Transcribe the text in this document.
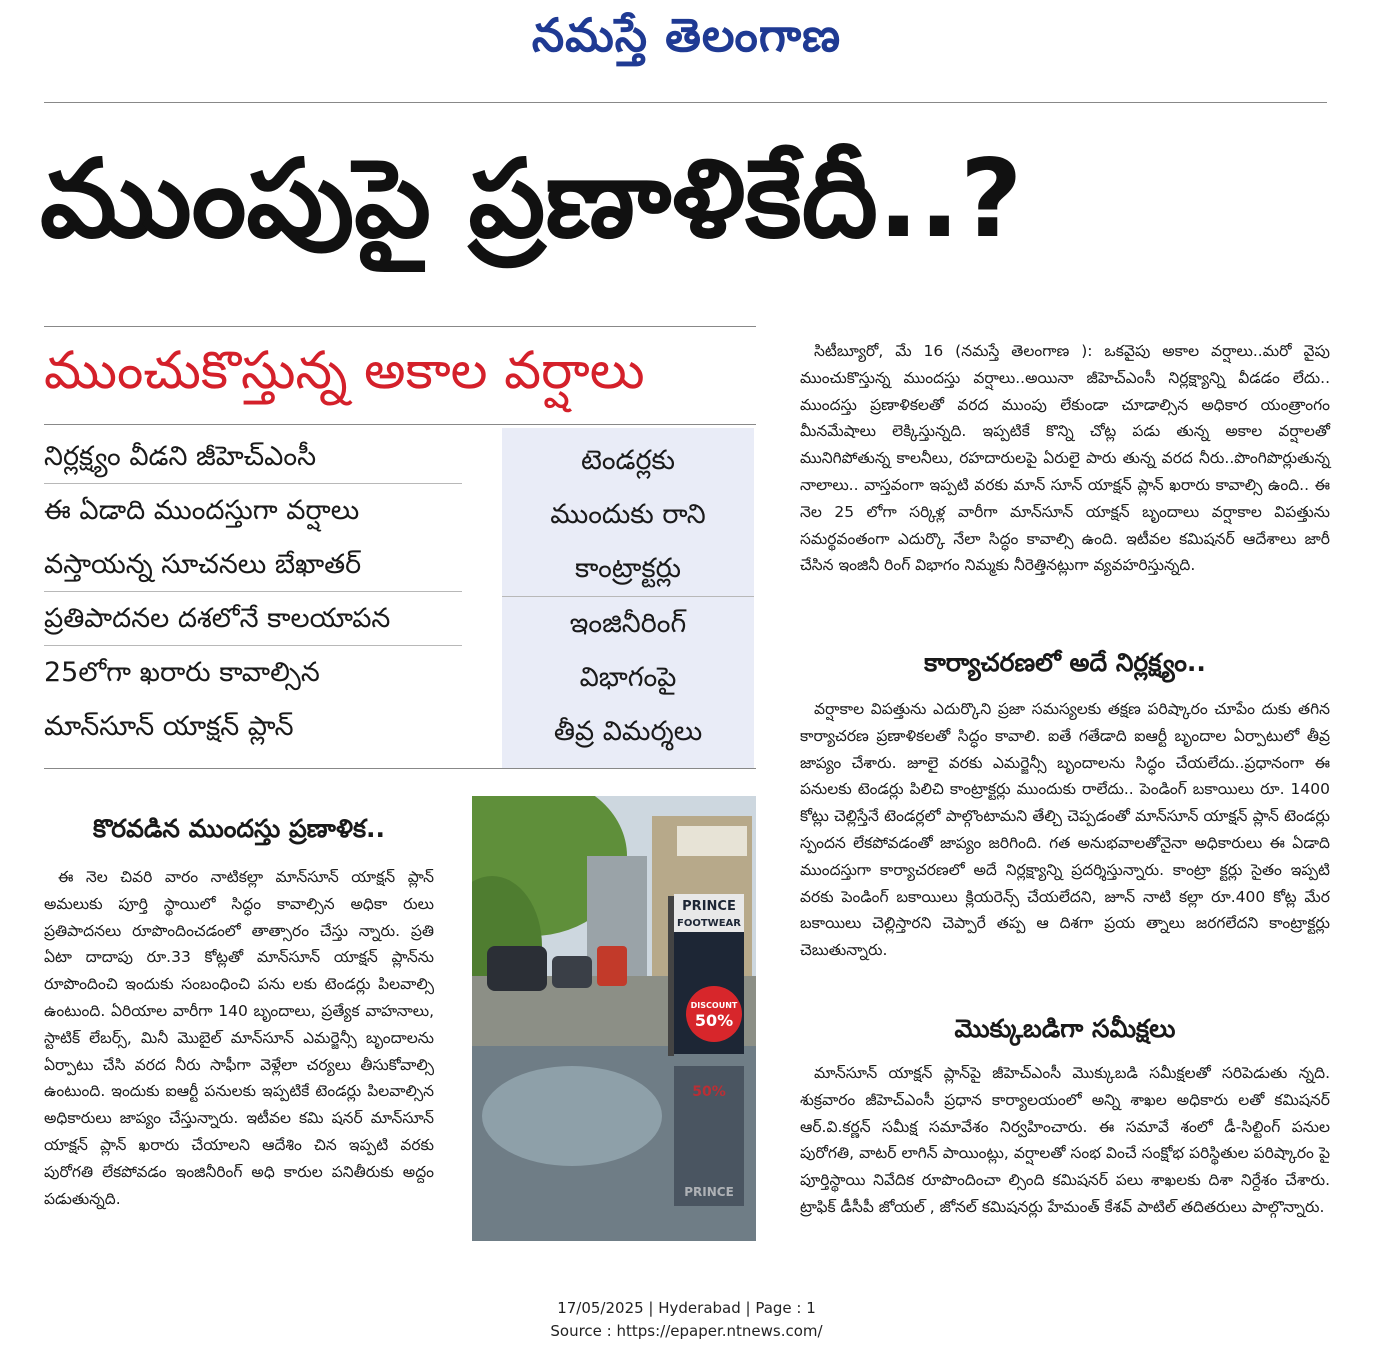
నమస్తే తెలంగాణ
ముంపుపై ప్రణాళికేదీ..?
ముంచుకొస్తున్న అకాల వర్షాలు
నిర్లక్ష్యం వీడని జీహెచ్ఎంసీ
ఈ ఏడాది ముందస్తుగా వర్షాలు
వస్తాయన్న సూచనలు బేఖాతర్
ప్రతిపాదనల దశలోనే కాలయాపన
25లోగా ఖరారు కావాల్సిన
మాన్‌సూన్ యాక్షన్ ప్లాన్
టెండర్లకు
ముందుకు రాని
కాంట్రాక్టర్లు
ఇంజినీరింగ్
విభాగంపై
తీవ్ర విమర్శలు
సిటీబ్యూరో, మే 16 (నమస్తే తెలంగాణ ): ఒకవైపు అకాల వర్షాలు..మరో వైపు ముంచుకొస్తున్న ముందస్తు వర్షాలు..అయినా జీహెచ్ఎంసీ నిర్లక్ష్యాన్ని వీడడం లేదు.. ముందస్తు ప్రణాళికలతో వరద ముంపు లేకుండా చూడాల్సిన అధికార యంత్రాంగం మీనమేషాలు లెక్కిస్తున్నది. ఇప్పటికే కొన్ని చోట్ల పడు తున్న అకాల వర్షాలతో మునిగిపోతున్న కాలనీలు, రహదారులపై ఏరులై పారు తున్న వరద నీరు..పొంగిపొర్లుతున్న నాలాలు.. వాస్తవంగా ఇప్పటి వరకు మాన్ సూన్ యాక్షన్ ప్లాన్ ఖరారు కావాల్సి ఉంది.. ఈ నెల 25 లోగా సర్కిళ్ల వారీగా మాన్‌సూన్ యాక్షన్ బృందాలు వర్షాకాల విపత్తును సమర్థవంతంగా ఎదుర్కొ నేలా సిద్ధం కావాల్సి ఉంది. ఇటీవల కమిషనర్ ఆదేశాలు జారీ చేసిన ఇంజినీ రింగ్ విభాగం నిమ్మకు నీరెత్తినట్లుగా వ్యవహరిస్తున్నది.
కార్యాచరణలో అదే నిర్లక్ష్యం..
వర్షాకాల విపత్తును ఎదుర్కొని ప్రజా సమస్యలకు తక్షణ పరిష్కారం చూపేం దుకు తగిన కార్యాచరణ ప్రణాళికలతో సిద్ధం కావాలి. ఐతే గతేడాది ఐఆర్టీ బృందాల ఏర్పాటులో తీవ్ర జాప్యం చేశారు. జూలై వరకు ఎమర్జెన్సీ బృందాలను సిద్ధం చేయలేదు..ప్రధానంగా ఈ పనులకు టెండర్లు పిలిచి కాంట్రాక్టర్లు ముందుకు రాలేదు.. పెండింగ్ బకాయిలు రూ. 1400 కోట్లు చెల్లిస్తేనే టెండర్లలో పాల్గొంటామని తేల్చి చెప్పడంతో మాన్‌సూన్ యాక్షన్ ప్లాన్ టెండర్లు స్పందన లేకపోవడంతో జాప్యం జరిగింది. గత అనుభవాలతోనైనా అధికారులు ఈ ఏడాది ముందస్తుగా కార్యాచరణలో అదే నిర్లక్ష్యాన్ని ప్రదర్శిస్తున్నారు. కాంట్రా క్టర్లు సైతం ఇప్పటి వరకు పెండింగ్ బకాయిలు క్లియరెన్స్ చేయలేదని, జూన్ నాటి కల్లా రూ.400 కోట్ల మేర బకాయిలు చెల్లిస్తారని చెప్పారే తప్ప ఆ దిశగా ప్రయ త్నాలు జరగలేదని కాంట్రాక్టర్లు చెబుతున్నారు.
మొక్కుబడిగా సమీక్షలు
మాన్‌సూన్ యాక్షన్ ప్లాన్‌పై జీహెచ్ఎంసీ మొక్కుబడి సమీక్షలతో సరిపెడుతు న్నది. శుక్రవారం జీహెచ్ఎంసీ ప్రధాన కార్యాలయంలో అన్ని శాఖల అధికారు లతో కమిషనర్ ఆర్.వి.కర్ణన్ సమీక్ష సమావేశం నిర్వహించారు. ఈ సమావే శంలో డీ-సిల్టింగ్ పనుల పురోగతి, వాటర్ లాగిన్ పాయింట్లు, వర్షాలతో సంభ వించే సంక్షోభ పరిస్థితుల పరిష్కారం పై పూర్తిస్థాయి నివేదిక రూపొందించా ల్సింది కమిషనర్ పలు శాఖలకు దిశా నిర్దేశం చేశారు. ట్రాఫిక్ డీసీపీ జోయల్ , జోనల్ కమిషనర్లు హేమంత్ కేశవ్ పాటిల్ తదితరులు పాల్గొన్నారు.
కొరవడిన ముందస్తు ప్రణాళిక..
ఈ నెల చివరి వారం నాటికల్లా మాన్‌సూన్ యాక్షన్ ప్లాన్ అమలుకు పూర్తి స్థాయిలో సిద్ధం కావాల్సిన అధికా రులు ప్రతిపాదనలు రూపొందించడంలో తాత్సారం చేస్తు న్నారు. ప్రతి ఏటా దాదాపు రూ.33 కోట్లతో మాన్‌సూన్ యాక్షన్ ప్లాన్‌ను రూపొందించి ఇందుకు సంబంధించి పను లకు టెండర్లు పిలవాల్సి ఉంటుంది. ఏరియాల వారీగా 140 బృందాలు, ప్రత్యేక వాహనాలు, స్టాటిక్ లేబర్స్, మినీ మొబైల్ మాన్‌సూన్ ఎమర్జెన్సీ బృందాలను ఏర్పాటు చేసి వరద నీరు సాఫీగా వెళ్లేలా చర్యలు తీసుకోవాల్సి ఉంటుంది. ఇందుకు ఐఆర్టీ పనులకు ఇప్పటికే టెండర్లు పిలవాల్సిన అధికారులు జాప్యం చేస్తున్నారు. ఇటీవల కమి షనర్ మాన్‌సూన్ యాక్షన్ ప్లాన్ ఖరారు చేయాలని ఆదేశిం చిన ఇప్పటి వరకు పురోగతి లేకపోవడం ఇంజినీరింగ్ అధి కారుల పనితీరుకు అద్దం పడుతున్నది.
PRINCE
FOOTWEAR
DISCOUNT
50%
50%
PRINCE
17/05/2025 | Hyderabad | Page : 1
Source : https://epaper.ntnews.com/
